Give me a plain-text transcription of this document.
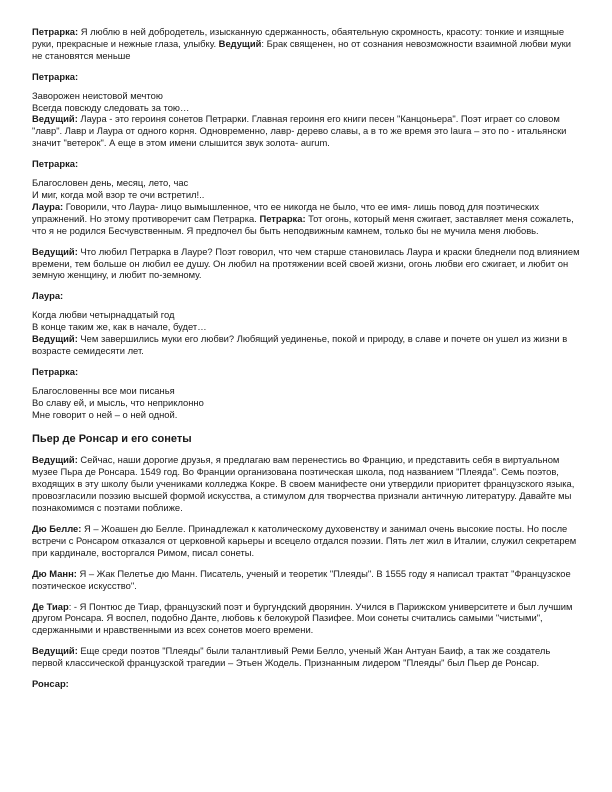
Петрарка: Я люблю в ней добродетель, изысканную сдержанность, обаятельную скромность, красоту: тонкие и изящные руки, прекрасные и нежные глаза, улыбку. Ведущий: Брак священен, но от сознания невозможности взаимной любви муки не становятся меньше

Петрарка:

Заворожен неистовой мечтою

Всегда повсюду следовать за тою…

Ведущий: Лаура - это героиня сонетов Петрарки. Главная героиня его книги песен "Канцоньера". Поэт играет со словом "лавр". Лавр и Лаура от одного корня. Одновременно, лавр- дерево славы, а в то же время это laura – это по - итальянски значит "ветерок". А еще в этом имени слышится звук золота- aurum.

Петрарка:

Благословен день, месяц, лето, час

И миг, когда мой взор те очи встретил!..

Лаура: Говорили, что Лаура- лицо вымышленное, что ее никогда не было, что ее имя- лишь повод для поэтических упражнений. Но этому противоречит сам Петрарка. Петрарка: Тот огонь, который меня сжигает, заставляет меня сожалеть, что я не родился Бесчувственным. Я предпочел бы быть неподвижным камнем, только бы не мучила меня любовь.

Ведущий: Что любил Петрарка в Лауре? Поэт говорил, что чем старше становилась Лаура и краски бледнели под влиянием времени, тем больше он любил ее душу. Он любил на протяжении всей своей жизни, огонь любви его сжигает, и любит он земную женщину, и любит по-земному.

Лаура:

Когда любви четырнадцатый год

В конце таким же, как в начале, будет…

Ведущий: Чем завершились муки его любви? Любящий уединенье, покой и природу, в славе и почете он ушел из жизни в возрасте семидесяти лет.

Петрарка:

Благословенны все мои писанья

Во славу ей, и мысль, что неприклонно

Мне говорит о ней – о ней одной.

Пьер де Ронсар и его сонеты

Ведущий: Сейчас, наши дорогие друзья, я предлагаю вам перенестись во Францию, и представить себя в виртуальном музее Пьра де Ронсара. 1549 год. Во Франции организована поэтическая школа, под названием "Плеяда". Семь поэтов, входящих в эту школу были учениками колледжа Кокре. В своем манифесте они утвердили приоритет французского языка, провозгласили поэзию высшей формой искусства, а стимулом для творчества признали античную литературу. Давайте мы познакомимся с поэтами поближе.

Дю Белле: Я – Жоашен дю Белле. Принадлежал к католическому духовенству и занимал очень высокие посты. Но после встречи с Ронсаром отказался от церковной карьеры и всецело отдался поэзии. Пять лет жил в Италии, служил секретарем при кардинале, восторгался Римом, писал сонеты.

Дю Манн: Я – Жак Пелетье дю Манн. Писатель, ученый и теоретик "Плеяды". В 1555 году я написал трактат "Французское поэтическое искусство".

Де Тиар: - Я Понтюс де Тиар, французский поэт и бургундский дворянин. Учился в Парижском университете и был лучшим другом Ронсара. Я воспел, подобно Данте, любовь к белокурой Пазифее. Мои сонеты считались самыми "чистыми", сдержанными и нравственными из всех сонетов моего времени.

Ведущий: Еще среди поэтов "Плеяды" были талантливый Реми Белло, ученый Жан Антуан Баиф, а так же создатель первой классической французской трагедии – Этьен Жодель. Признанным лидером "Плеяды" был Пьер де Ронсар.

Ронсар:
